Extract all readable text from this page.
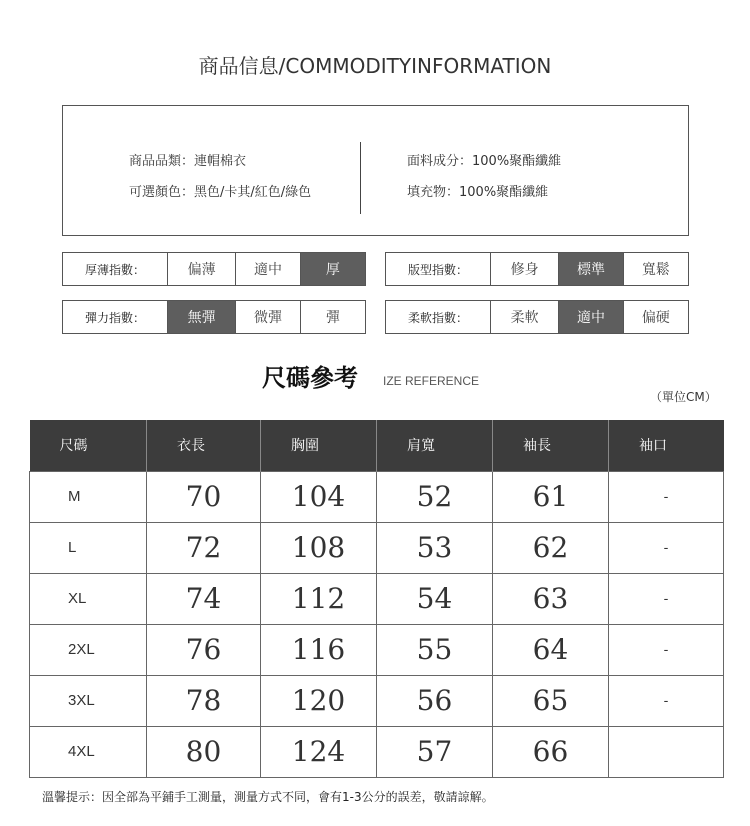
商品信息/COMMODITYINFORMATION
商品品類：連帽棉衣
可選顏色：黑色/卡其/紅色/綠色
面料成分：100%聚酯纖維
填充物：100%聚酯纖維
厚薄指數：	偏薄	適中	厚	版型指數：	修身	標準	寬鬆
彈力指數：	無彈	微彈	彈	柔軟指數：	柔軟	適中	偏硬
尺碼參考 IZE REFERENCE
（單位CM）
尺碼	衣長	胸圍	肩寬	袖長	袖口
M	70	104	52	61	-
L	72	108	53	62	-
XL	74	112	54	63	-
2XL	76	116	55	64	-
3XL	78	120	56	65	-
4XL	80	124	57	66	
溫馨提示：因全部為平鋪手工測量，測量方式不同，會有1-3公分的誤差，敬請諒解。
